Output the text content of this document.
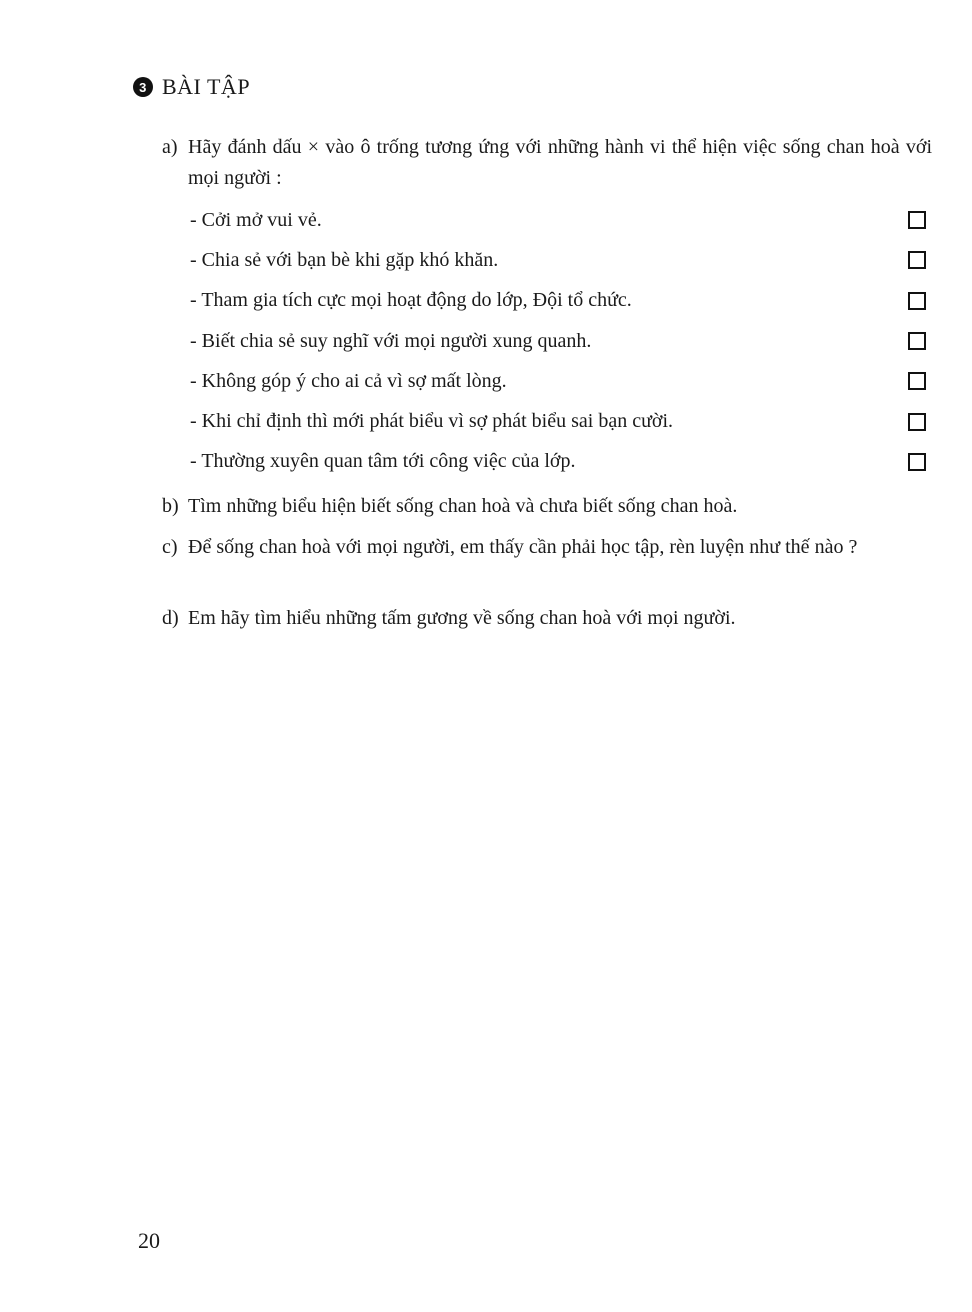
3 BÀI TẬP
a) Hãy đánh dấu × vào ô trống tương ứng với những hành vi thể hiện việc sống chan hoà với mọi người :
- Cởi mở vui vẻ.
- Chia sẻ với bạn bè khi gặp khó khăn.
- Tham gia tích cực mọi hoạt động do lớp, Đội tổ chức.
- Biết chia sẻ suy nghĩ với mọi người xung quanh.
- Không góp ý cho ai cả vì sợ mất lòng.
- Khi chỉ định thì mới phát biểu vì sợ phát biểu sai bạn cười.
- Thường xuyên quan tâm tới công việc của lớp.
b) Tìm những biểu hiện biết sống chan hoà và chưa biết sống chan hoà.
c) Để sống chan hoà với mọi người, em thấy cần phải học tập, rèn luyện như thế nào ?
d) Em hãy tìm hiểu những tấm gương về sống chan hoà với mọi người.
20
